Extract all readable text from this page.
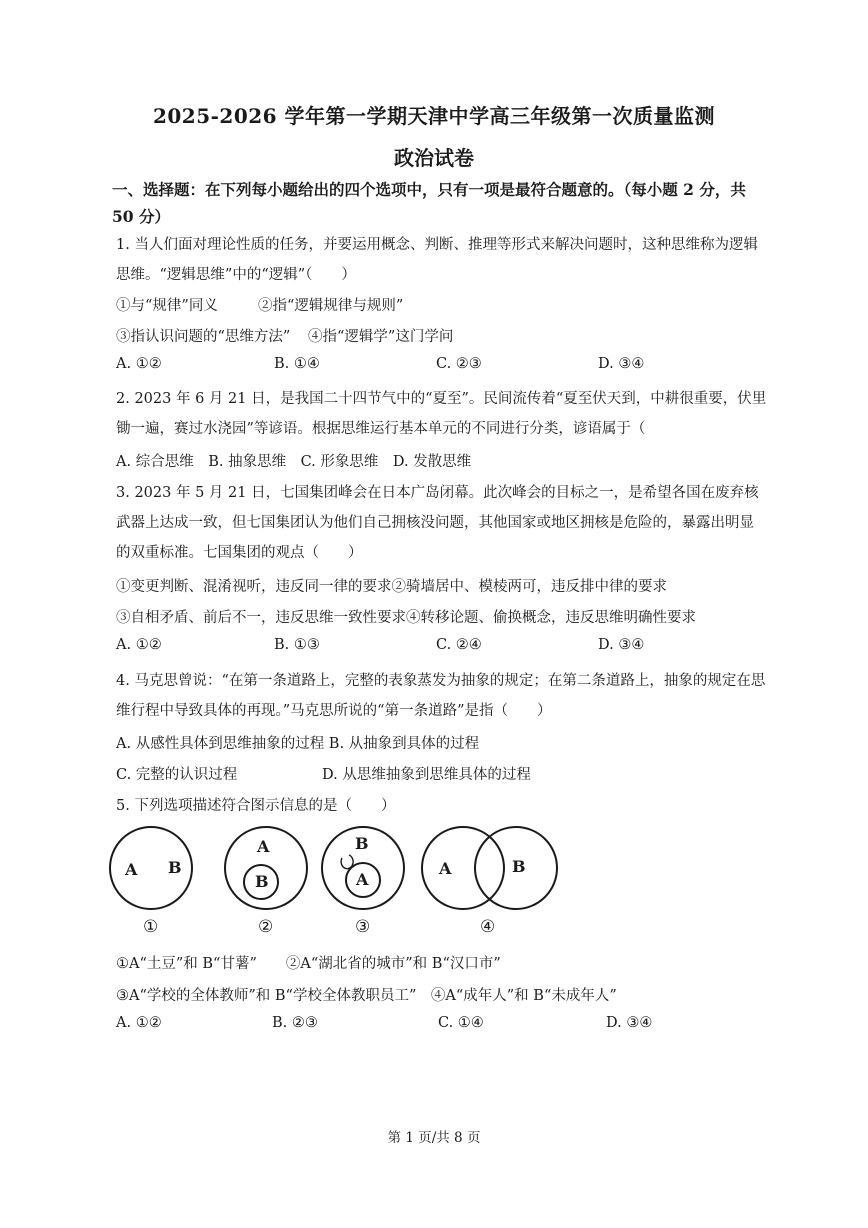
2025-2026 学年第一学期天津中学高三年级第一次质量监测
政治试卷
一、选择题：在下列每小题给出的四个选项中，只有一项是最符合题意的。（每小题 2 分，共 50 分）
1. 当人们面对理论性质的任务，并要运用概念、判断、推理等形式来解决问题时，这种思维称为逻辑思维。“逻辑思维”中的“逻辑”（　　）
①与“规律”同义	②指“逻辑规律与规则”
③指认识问题的“思维方法” ④指“逻辑学”这门学问
A. ①②	B. ①④	C. ②③	D. ③④
2. 2023 年 6 月 21 日，是我国二十四节气中的“夏至”。民间流传着“夏至伏天到，中耕很重要，伏里锄一遍，赛过水浇园”等谚语。根据思维运行基本单元的不同进行分类，谚语属于（
A. 综合思维　B. 抽象思维　C. 形象思维　D. 发散思维
3. 2023 年 5 月 21 日，七国集团峰会在日本广岛闭幕。此次峰会的目标之一，是希望各国在废弃核武器上达成一致，但七国集团认为他们自己拥核没问题，其他国家或地区拥核是危险的，暴露出明显的双重标准。七国集团的观点（　　）
①变更判断、混淆视听，违反同一律的要求②骑墙居中、模棱两可，违反排中律的要求
③自相矛盾、前后不一，违反思维一致性要求④转移论题、偷换概念，违反思维明确性要求
A. ①②	B. ①③	C. ②④	D. ③④
4. 马克思曾说：“在第一条道路上，完整的表象蒸发为抽象的规定；在第二条道路上，抽象的规定在思维行程中导致具体的再现。”马克思所说的“第一条道路”是指（　　）
A. 从感性具体到思维抽象的过程 B. 从抽象到具体的过程
C. 完整的认识过程	D. 从思维抽象到思维具体的过程
5. 下列选项描述符合图示信息的是（　　）
A B
A
B
B
A
A	B
①	②	③	④
①A“土豆”和 B“甘薯”　　②A“湖北省的城市”和 B“汉口市”
③A“学校的全体教师”和 B“学校全体教职员工”　④A“成年人”和 B“未成年人”
A. ①②	B. ②③	C. ①④	D. ③④
第 1 页/共 8 页
